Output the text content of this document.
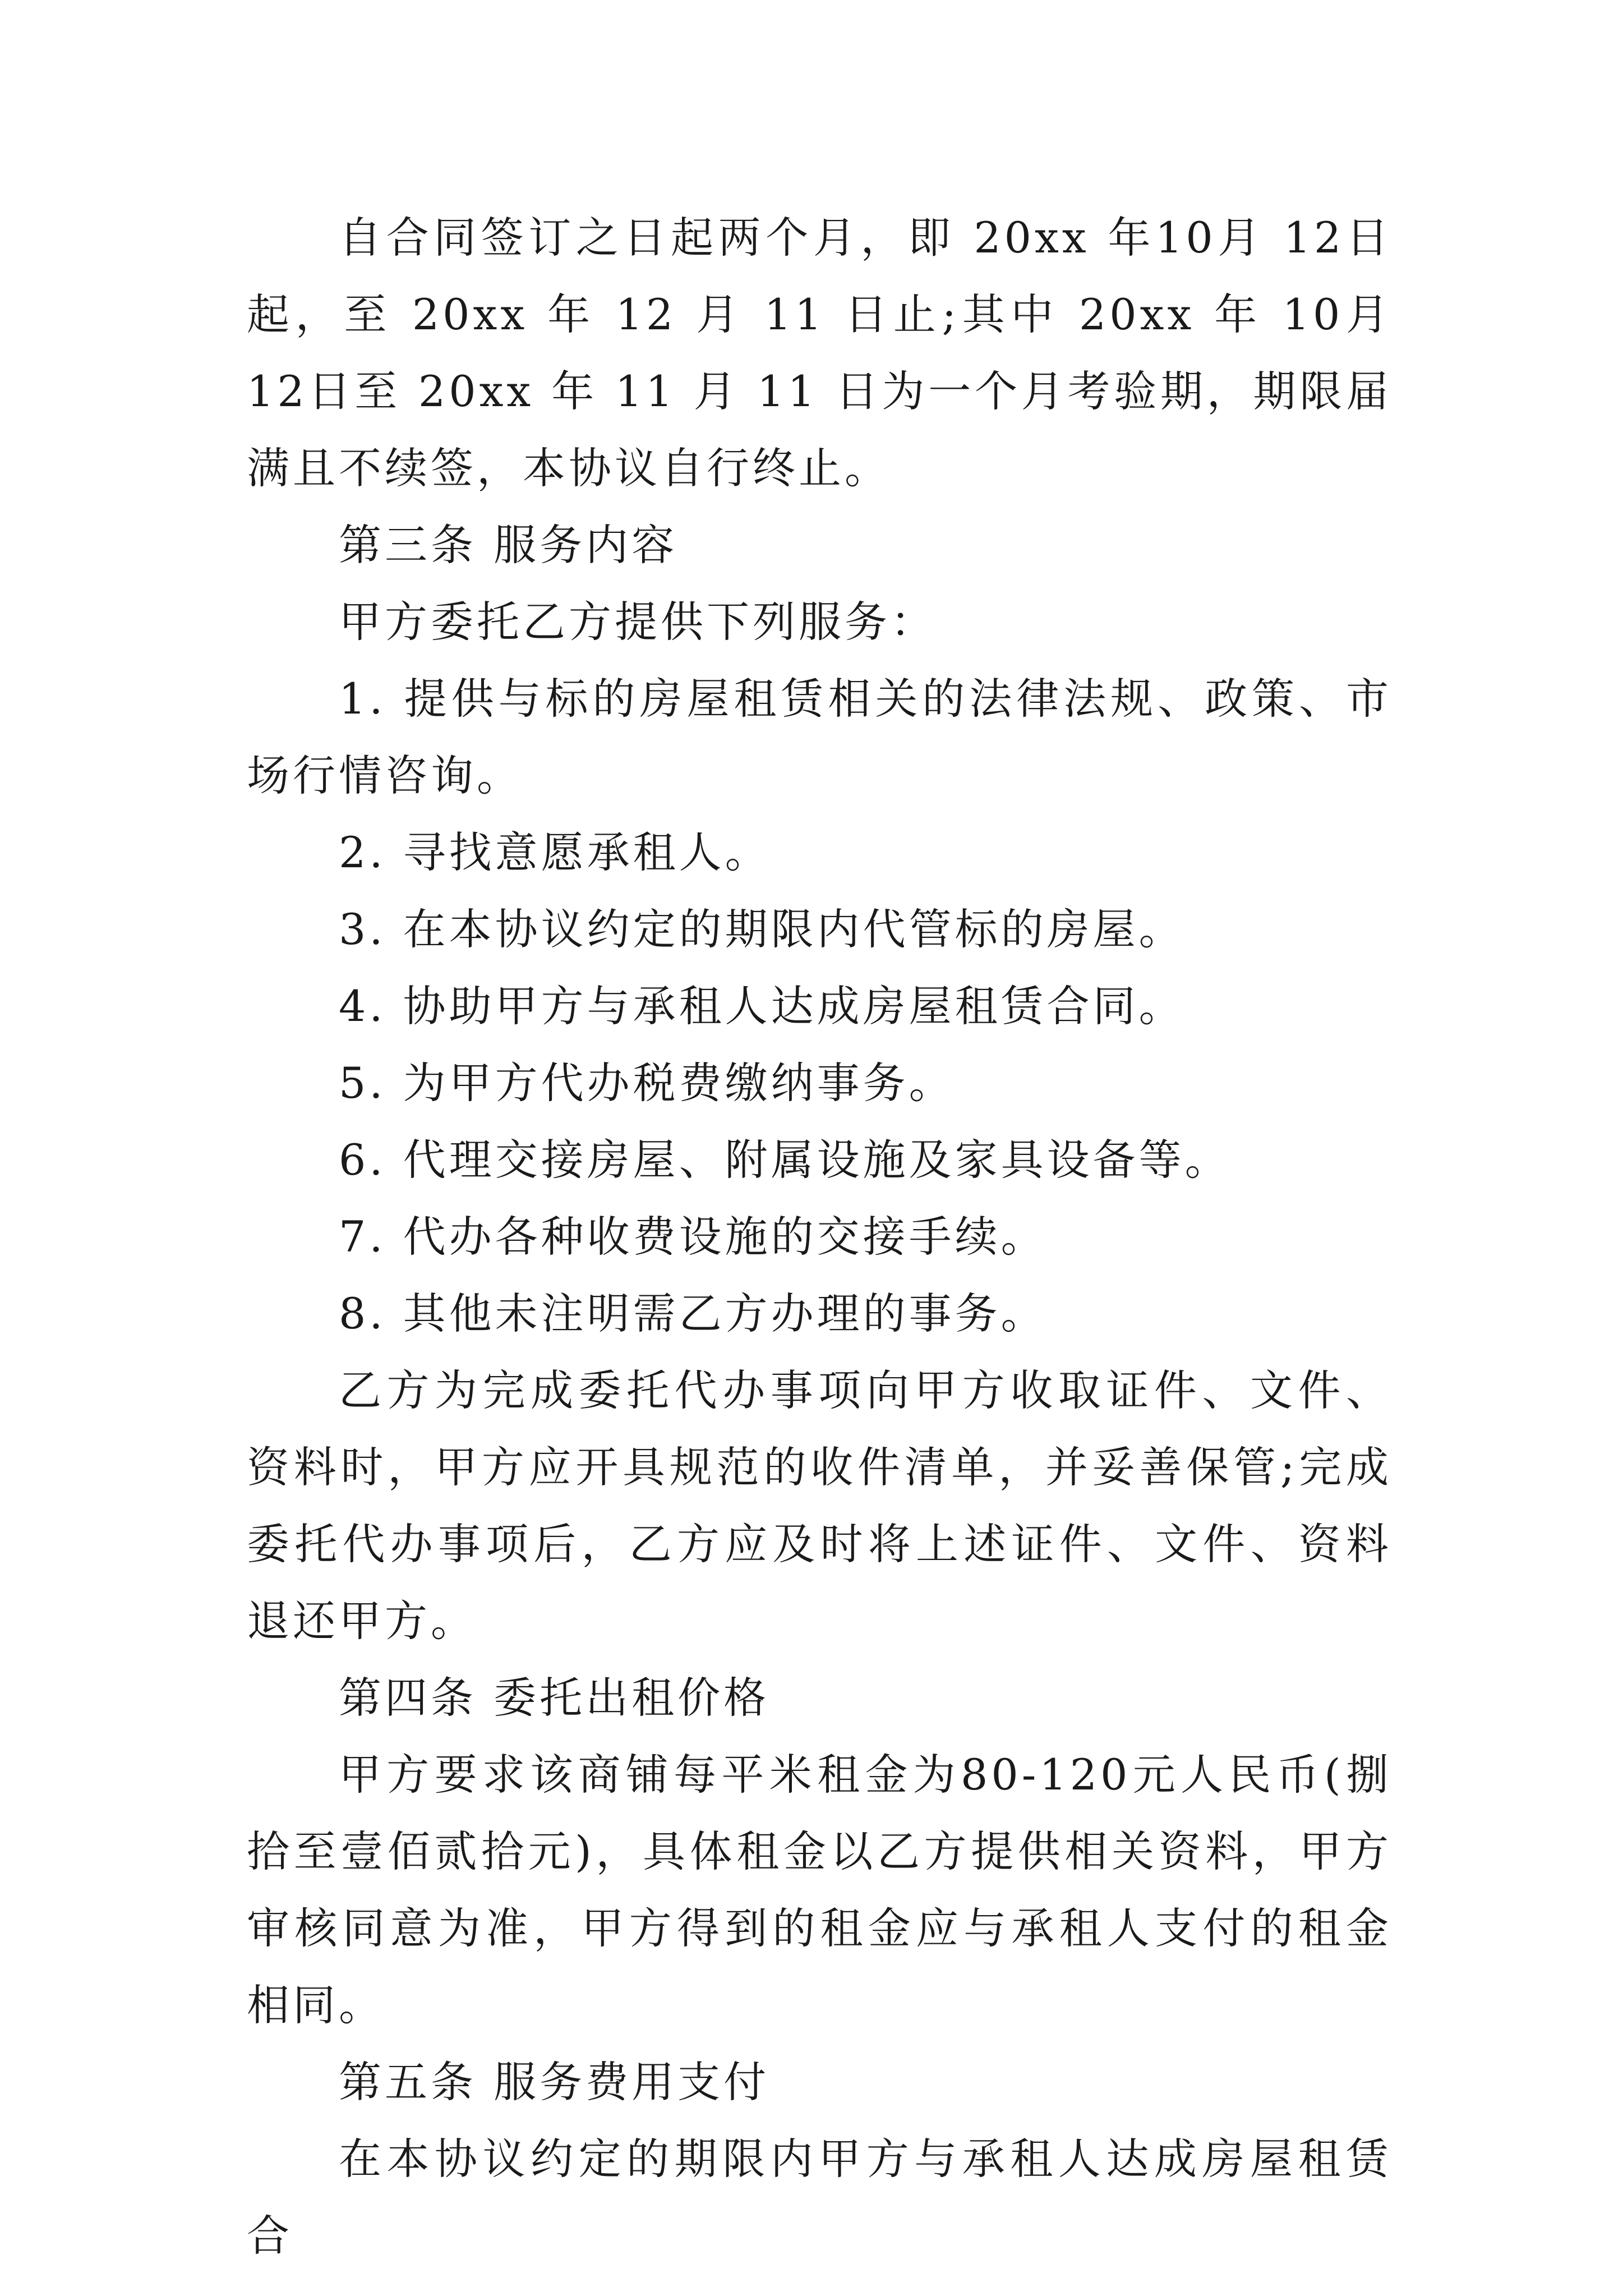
自合同签订之日起两个月，即 20xx 年10月 12日起，至 20xx 年 12 月 11 日止;其中 20xx 年 10月 12日至 20xx 年 11 月 11 日为一个月考验期，期限届满且不续签，本协议自行终止。

第三条 服务内容

甲方委托乙方提供下列服务：

1. 提供与标的房屋租赁相关的法律法规、政策、市场行情咨询。

2. 寻找意愿承租人。

3. 在本协议约定的期限内代管标的房屋。

4. 协助甲方与承租人达成房屋租赁合同。

5. 为甲方代办税费缴纳事务。

6. 代理交接房屋、附属设施及家具设备等。

7. 代办各种收费设施的交接手续。

8. 其他未注明需乙方办理的事务。

乙方为完成委托代办事项向甲方收取证件、文件、资料时，甲方应开具规范的收件清单，并妥善保管;完成委托代办事项后，乙方应及时将上述证件、文件、资料退还甲方。

第四条 委托出租价格

甲方要求该商铺每平米租金为80-120元人民币(捌拾至壹佰贰拾元)，具体租金以乙方提供相关资料，甲方审核同意为准，甲方得到的租金应与承租人支付的租金相同。

第五条 服务费用支付

在本协议约定的期限内甲方与承租人达成房屋租赁合
